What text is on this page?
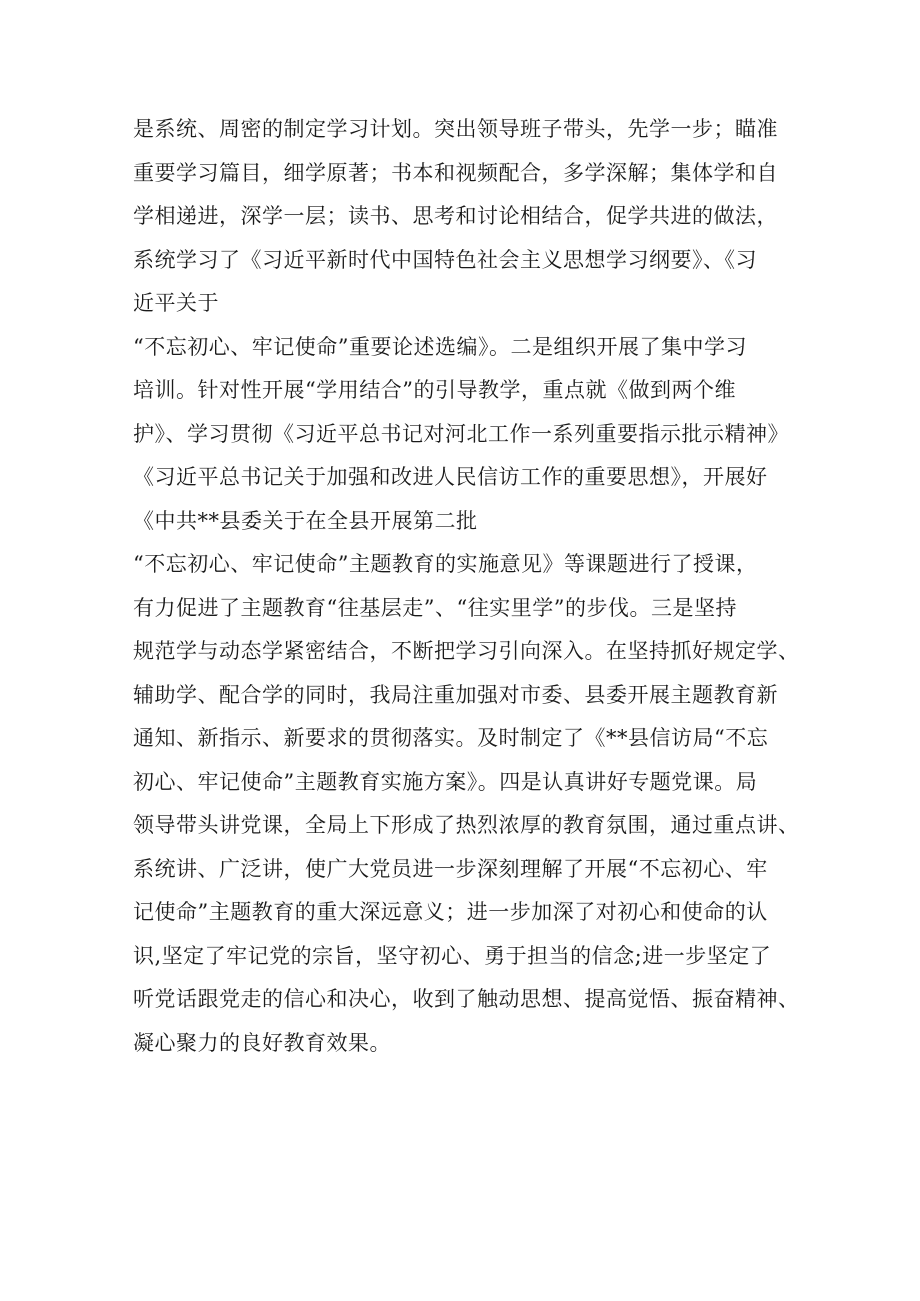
是系统、周密的制定学习计划。突出领导班子带头，先学一步；瞄准
重要学习篇目，细学原著；书本和视频配合，多学深解；集体学和自
学相递进，深学一层；读书、思考和讨论相结合，促学共进的做法，
系统学习了《习近平新时代中国特色社会主义思想学习纲要》、《习
近平关于
“不忘初心、牢记使命”重要论述选编》。二是组织开展了集中学习
培训。针对性开展“学用结合”的引导教学，重点就《做到两个维
护》、学习贯彻《习近平总书记对河北工作一系列重要指示批示精神》
《习近平总书记关于加强和改进人民信访工作的重要思想》，开展好
《中共**县委关于在全县开展第二批
“不忘初心、牢记使命”主题教育的实施意见》等课题进行了授课，
有力促进了主题教育“往基层走”、“往实里学”的步伐。三是坚持
规范学与动态学紧密结合，不断把学习引向深入。在坚持抓好规定学、
辅助学、配合学的同时，我局注重加强对市委、县委开展主题教育新
通知、新指示、新要求的贯彻落实。及时制定了《**县信访局“不忘
初心、牢记使命”主题教育实施方案》。四是认真讲好专题党课。局
领导带头讲党课，全局上下形成了热烈浓厚的教育氛围，通过重点讲、
系统讲、广泛讲，使广大党员进一步深刻理解了开展“不忘初心、牢
记使命”主题教育的重大深远意义；进一步加深了对初心和使命的认
识,坚定了牢记党的宗旨，坚守初心、勇于担当的信念;进一步坚定了
听党话跟党走的信心和决心，收到了触动思想、提高觉悟、振奋精神、
凝心聚力的良好教育效果。
